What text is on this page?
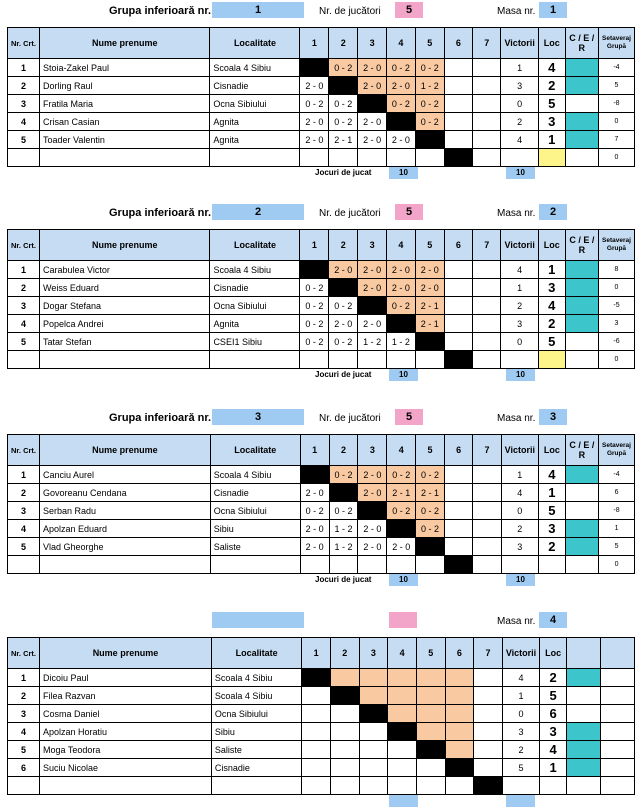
Grupa inferioară nr.	1	Nr. de jucători	5	Masa nr.	1
Nr. Crt.	Nume prenume	Localitate	1	2	3	4	5	6	7	Victorii	Loc	C / E / R	Setaveraj Grupă
1	Stoia-Zakel Paul	Scoala 4 Sibiu		0 - 2	2 - 0	0 - 2	0 - 2			1	4		-4
2	Dorling Raul	Cisnadie	2 - 0		2 - 0	2 - 0	1 - 2			3	2		5
3	Fratila Maria	Ocna Sibiului	0 - 2	0 - 2		0 - 2	0 - 2			0	5		-8
4	Crisan Casian	Agnita	2 - 0	0 - 2	2 - 0		0 - 2			2	3		0
5	Toader Valentin	Agnita	2 - 0	2 - 1	2 - 0	2 - 0				4	1		7
													0
Jocuri de jucat	10	10
Grupa inferioară nr.	2	Nr. de jucători	5	Masa nr.	2
Nr. Crt.	Nume prenume	Localitate	1	2	3	4	5	6	7	Victorii	Loc	C / E / R	Setaveraj Grupă
1	Carabulea Victor	Scoala 4 Sibiu		2 - 0	2 - 0	2 - 0	2 - 0			4	1		8
2	Weiss Eduard	Cisnadie	0 - 2		2 - 0	2 - 0	2 - 0			1	3		0
3	Dogar Stefana	Ocna Sibiului	0 - 2	0 - 2		0 - 2	2 - 1			2	4		-5
4	Popelca Andrei	Agnita	0 - 2	2 - 0	2 - 0		2 - 1			3	2		3
5	Tatar Stefan	CSEI1 Sibiu	0 - 2	0 - 2	1 - 2	1 - 2				0	5		-6
													0
Jocuri de jucat	10	10
Grupa inferioară nr.	3	Nr. de jucători	5	Masa nr.	3
Nr. Crt.	Nume prenume	Localitate	1	2	3	4	5	6	7	Victorii	Loc	C / E / R	Setaveraj Grupă
1	Canciu Aurel	Scoala 4 Sibiu		0 - 2	2 - 0	0 - 2	0 - 2			1	4		-4
2	Govoreanu Cendana	Cisnadie	2 - 0		2 - 0	2 - 1	2 - 1			4	1		6
3	Serban Radu	Ocna Sibiului	0 - 2	0 - 2		0 - 2	0 - 2			0	5		-8
4	Apolzan Eduard	Sibiu	2 - 0	1 - 2	2 - 0		0 - 2			2	3		1
5	Vlad Gheorghe	Saliste	2 - 0	1 - 2	2 - 0	2 - 0				3	2		5
													0
Jocuri de jucat	10	10
Masa nr.	4
Nr. Crt.	Nume prenume	Localitate	1	2	3	4	5	6	7	Victorii	Loc		
1	Dicoiu Paul	Scoala 4 Sibiu								4	2		
2	Filea Razvan	Scoala 4 Sibiu								1	5		
3	Cosma Daniel	Ocna Sibiului								0	6		
4	Apolzan Horatiu	Sibiu								3	3		
5	Moga Teodora	Saliste								2	4		
6	Suciu Nicolae	Cisnadie								5	1		
